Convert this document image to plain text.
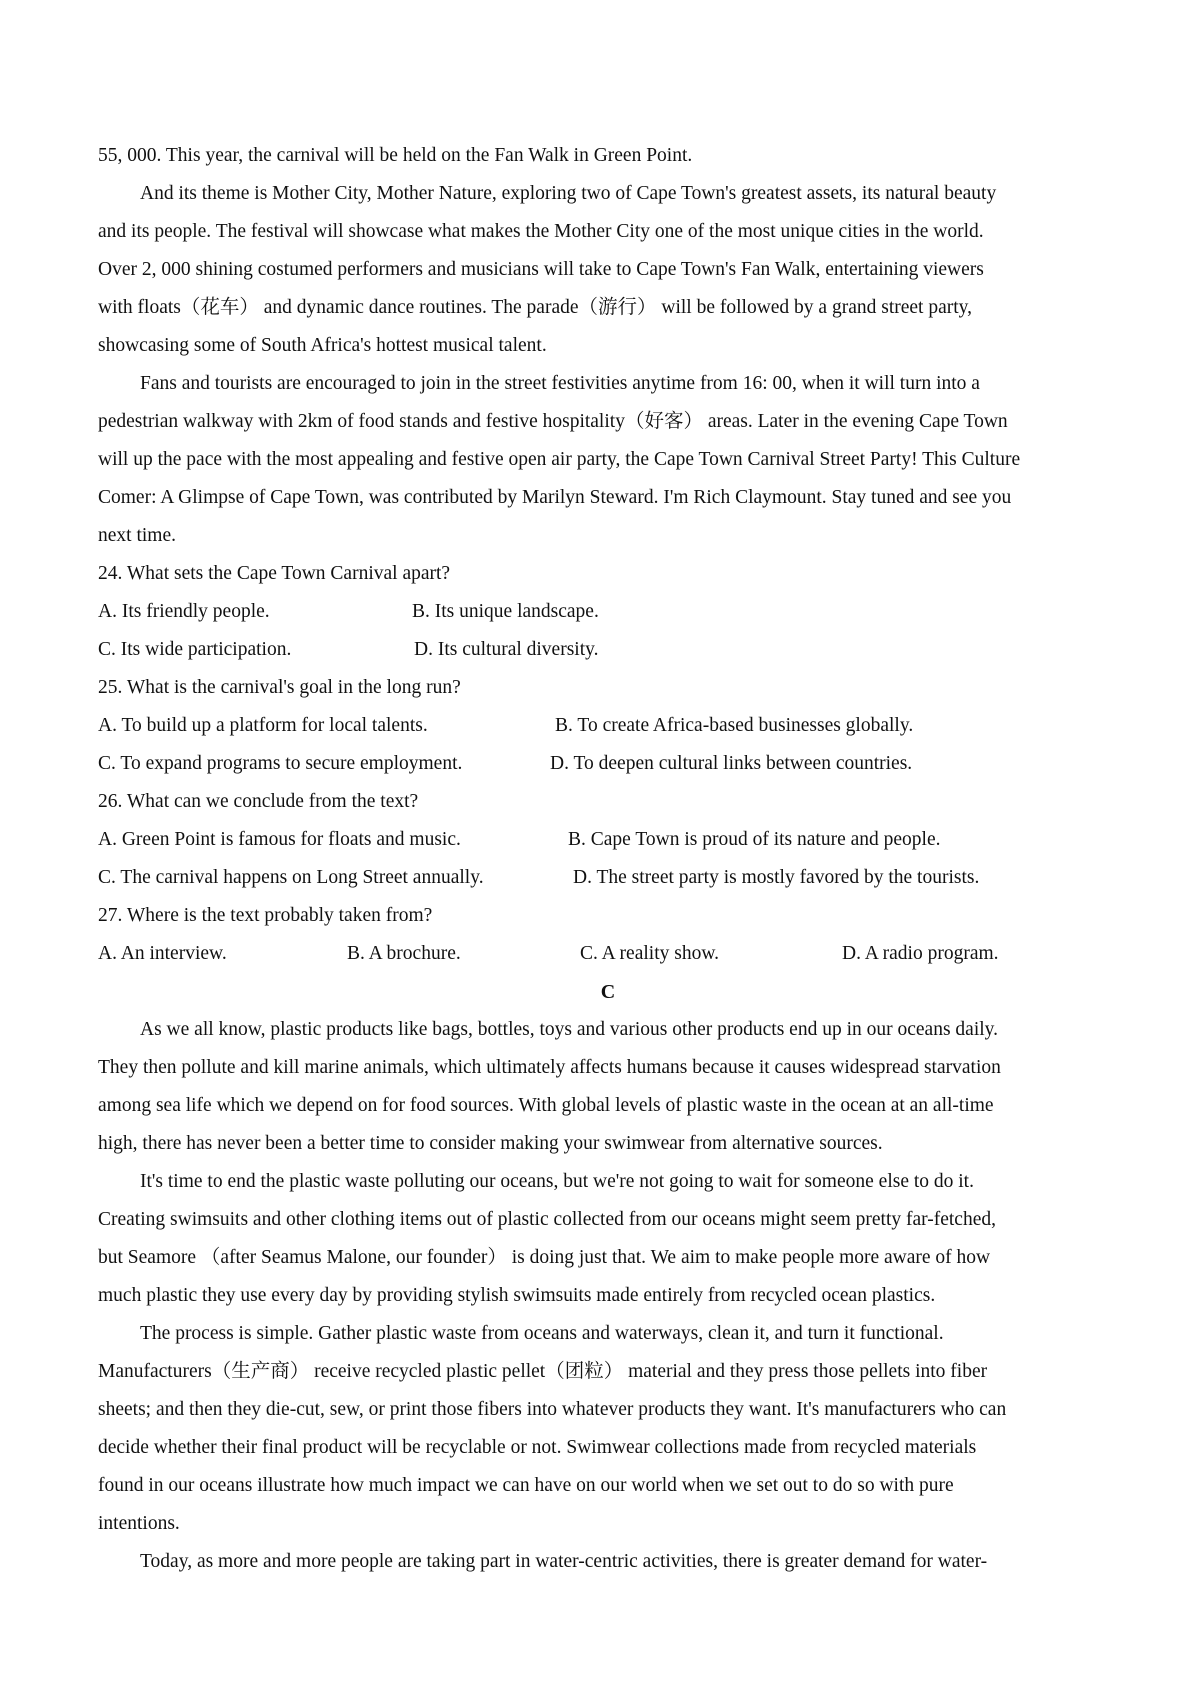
55, 000. This year, the carnival will be held on the Fan Walk in Green Point.
And its theme is Mother City, Mother Nature, exploring two of Cape Town's greatest assets, its natural beauty
and its people. The festival will showcase what makes the Mother City one of the most unique cities in the world.
Over 2, 000 shining costumed performers and musicians will take to Cape Town's Fan Walk, entertaining viewers
with floats（花车） and dynamic dance routines. The parade（游行） will be followed by a grand street party,
showcasing some of South Africa's hottest musical talent.
Fans and tourists are encouraged to join in the street festivities anytime from 16: 00, when it will turn into a
pedestrian walkway with 2km of food stands and festive hospitality（好客） areas. Later in the evening Cape Town
will up the pace with the most appealing and festive open air party, the Cape Town Carnival Street Party! This Culture
Comer: A Glimpse of Cape Town, was contributed by Marilyn Steward. I'm Rich Claymount. Stay tuned and see you
next time.
24. What sets the Cape Town Carnival apart?
A. Its friendly people.	B. Its unique landscape.
C. Its wide participation.	D. Its cultural diversity.
25. What is the carnival's goal in the long run?
A. To build up a platform for local talents.	B. To create Africa-based businesses globally.
C. To expand programs to secure employment.	D. To deepen cultural links between countries.
26. What can we conclude from the text?
A. Green Point is famous for floats and music.	B. Cape Town is proud of its nature and people.
C. The carnival happens on Long Street annually.	D. The street party is mostly favored by the tourists.
27. Where is the text probably taken from?
A. An interview.	B. A brochure.	C. A reality show.	D. A radio program.
C
As we all know, plastic products like bags, bottles, toys and various other products end up in our oceans daily.
They then pollute and kill marine animals, which ultimately affects humans because it causes widespread starvation
among sea life which we depend on for food sources. With global levels of plastic waste in the ocean at an all-time
high, there has never been a better time to consider making your swimwear from alternative sources.
It's time to end the plastic waste polluting our oceans, but we're not going to wait for someone else to do it.
Creating swimsuits and other clothing items out of plastic collected from our oceans might seem pretty far-fetched,
but Seamore （after Seamus Malone, our founder） is doing just that. We aim to make people more aware of how
much plastic they use every day by providing stylish swimsuits made entirely from recycled ocean plastics.
The process is simple. Gather plastic waste from oceans and waterways, clean it, and turn it functional.
Manufacturers（生产商） receive recycled plastic pellet（团粒） material and they press those pellets into fiber
sheets; and then they die-cut, sew, or print those fibers into whatever products they want. It's manufacturers who can
decide whether their final product will be recyclable or not. Swimwear collections made from recycled materials
found in our oceans illustrate how much impact we can have on our world when we set out to do so with pure
intentions.
Today, as more and more people are taking part in water-centric activities, there is greater demand for water-
